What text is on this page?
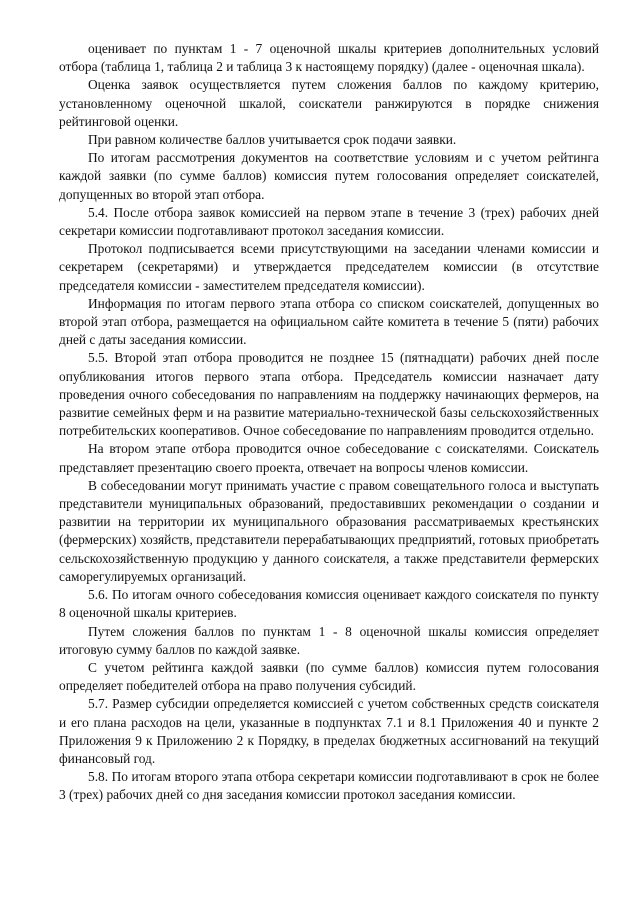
оценивает по пунктам 1 - 7 оценочной шкалы критериев дополнительных условий отбора (таблица 1, таблица 2 и таблица 3 к настоящему порядку) (далее - оценочная шкала).

Оценка заявок осуществляется путем сложения баллов по каждому критерию, установленному оценочной шкалой, соискатели ранжируются в порядке снижения рейтинговой оценки.

При равном количестве баллов учитывается срок подачи заявки.

По итогам рассмотрения документов на соответствие условиям и с учетом рейтинга каждой заявки (по сумме баллов) комиссия путем голосования определяет соискателей, допущенных во второй этап отбора.

5.4. После отбора заявок комиссией на первом этапе в течение 3 (трех) рабочих дней секретари комиссии подготавливают протокол заседания комиссии.

Протокол подписывается всеми присутствующими на заседании членами комиссии и секретарем (секретарями) и утверждается председателем комиссии (в отсутствие председателя комиссии - заместителем председателя комиссии).

Информация по итогам первого этапа отбора со списком соискателей, допущенных во второй этап отбора, размещается на официальном сайте комитета в течение 5 (пяти) рабочих дней с даты заседания комиссии.

5.5. Второй этап отбора проводится не позднее 15 (пятнадцати) рабочих дней после опубликования итогов первого этапа отбора. Председатель комиссии назначает дату проведения очного собеседования по направлениям на поддержку начинающих фермеров, на развитие семейных ферм и на развитие материально-технической базы сельскохозяйственных потребительских кооперативов. Очное собеседование по направлениям проводится отдельно.

На втором этапе отбора проводится очное собеседование с соискателями. Соискатель представляет презентацию своего проекта, отвечает на вопросы членов комиссии.

В собеседовании могут принимать участие с правом совещательного голоса и выступать представители муниципальных образований, предоставивших рекомендации о создании и развитии на территории их муниципального образования рассматриваемых крестьянских (фермерских) хозяйств, представители перерабатывающих предприятий, готовых приобретать сельскохозяйственную продукцию у данного соискателя, а также представители фермерских саморегулируемых организаций.

5.6. По итогам очного собеседования комиссия оценивает каждого соискателя по пункту 8 оценочной шкалы критериев.

Путем сложения баллов по пунктам 1 - 8 оценочной шкалы комиссия определяет итоговую сумму баллов по каждой заявке.

С учетом рейтинга каждой заявки (по сумме баллов) комиссия путем голосования определяет победителей отбора на право получения субсидий.

5.7. Размер субсидии определяется комиссией с учетом собственных средств соискателя и его плана расходов на цели, указанные в подпунктах 7.1 и 8.1 Приложения 40 и пункте 2 Приложения 9 к Приложению 2 к Порядку, в пределах бюджетных ассигнований на текущий финансовый год.

5.8. По итогам второго этапа отбора секретари комиссии подготавливают в срок не более 3 (трех) рабочих дней со дня заседания комиссии протокол заседания комиссии.
